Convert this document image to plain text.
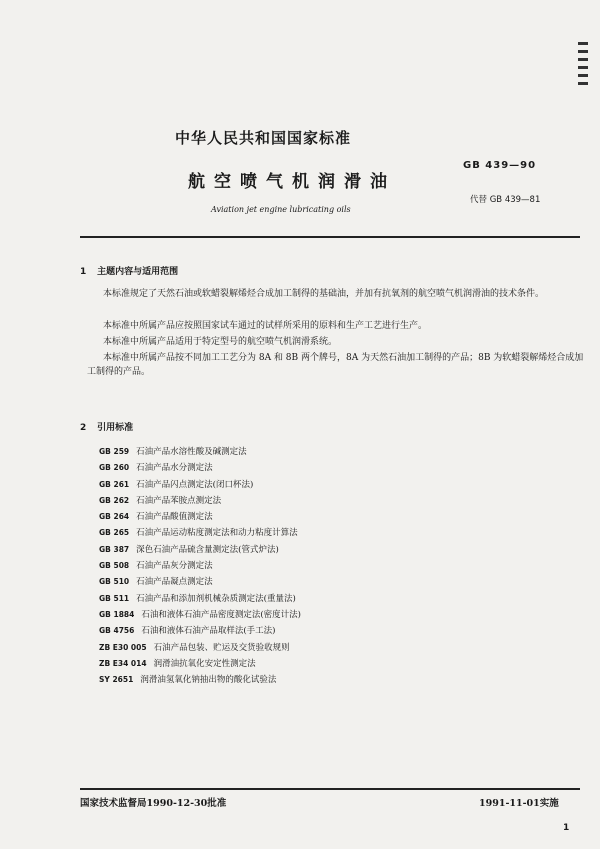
中华人民共和国国家标准
GB 439—90
航空喷气机润滑油
代替 GB 439—81
Aviation jet engine lubricating oils
1 主题内容与适用范围
本标准规定了天然石油或软蜡裂解烯烃合成加工制得的基础油，并加有抗氧剂的航空喷气机润滑油的技术条件。
本标准中所属产品应按照国家试车通过的试样所采用的原料和生产工艺进行生产。
本标准中所属产品适用于特定型号的航空喷气机润滑系统。
本标准中所属产品按不同加工工艺分为 8A 和 8B 两个牌号，8A 为天然石油加工制得的产品；8B 为软蜡裂解烯烃合成加工制得的产品。
2 引用标准
GB 259 石油产品水溶性酸及碱测定法
GB 260 石油产品水分测定法
GB 261 石油产品闪点测定法(闭口杯法)
GB 262 石油产品苯胺点测定法
GB 264 石油产品酸值测定法
GB 265 石油产品运动粘度测定法和动力粘度计算法
GB 387 深色石油产品硫含量测定法(管式炉法)
GB 508 石油产品灰分测定法
GB 510 石油产品凝点测定法
GB 511 石油产品和添加剂机械杂质测定法(重量法)
GB 1884 石油和液体石油产品密度测定法(密度计法)
GB 4756 石油和液体石油产品取样法(手工法)
ZB E30 005 石油产品包装、贮运及交货验收规则
ZB E34 014 润滑油抗氧化安定性测定法
SY 2651 润滑油氢氧化钠抽出物的酸化试验法
国家技术监督局1990-12-30批准	1991-11-01实施
1
